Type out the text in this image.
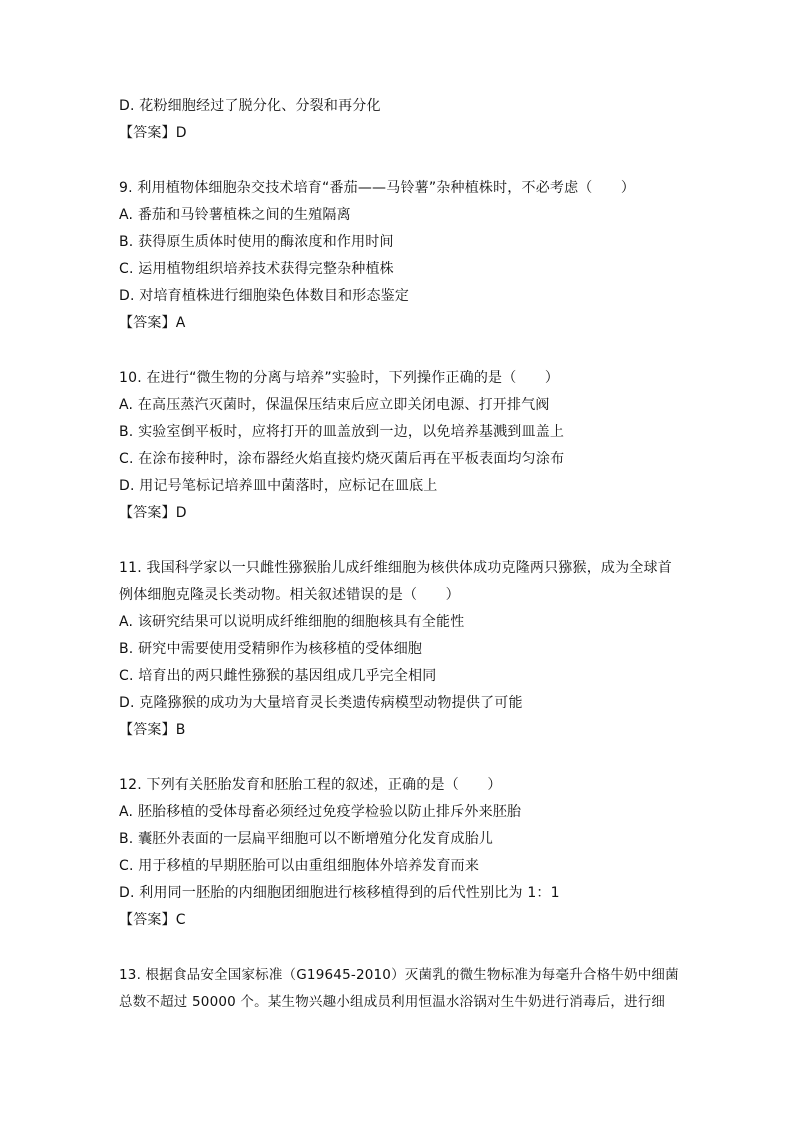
D. 花粉细胞经过了脱分化、分裂和再分化
【答案】D
9. 利用植物体细胞杂交技术培育“番茄——马铃薯”杂种植株时，不必考虑（　　）
A. 番茄和马铃薯植株之间的生殖隔离
B. 获得原生质体时使用的酶浓度和作用时间
C. 运用植物组织培养技术获得完整杂种植株
D. 对培育植株进行细胞染色体数目和形态鉴定
【答案】A
10. 在进行“微生物的分离与培养”实验时，下列操作正确的是（　　）
A. 在高压蒸汽灭菌时，保温保压结束后应立即关闭电源、打开排气阀
B. 实验室倒平板时，应将打开的皿盖放到一边，以免培养基溅到皿盖上
C. 在涂布接种时，涂布器经火焰直接灼烧灭菌后再在平板表面均匀涂布
D. 用记号笔标记培养皿中菌落时，应标记在皿底上
【答案】D
11. 我国科学家以一只雌性猕猴胎儿成纤维细胞为核供体成功克隆两只猕猴，成为全球首
例体细胞克隆灵长类动物。相关叙述错误的是（　　）
A. 该研究结果可以说明成纤维细胞的细胞核具有全能性
B. 研究中需要使用受精卵作为核移植的受体细胞
C. 培育出的两只雌性猕猴的基因组成几乎完全相同
D. 克隆猕猴的成功为大量培育灵长类遗传病模型动物提供了可能
【答案】B
12. 下列有关胚胎发育和胚胎工程的叙述，正确的是（　　）
A. 胚胎移植的受体母畜必须经过免疫学检验以防止排斥外来胚胎
B. 囊胚外表面的一层扁平细胞可以不断增殖分化发育成胎儿
C. 用于移植的早期胚胎可以由重组细胞体外培养发育而来
D. 利用同一胚胎的内细胞团细胞进行核移植得到的后代性别比为 1：1
【答案】C
13. 根据食品安全国家标准（G19645-2010）灭菌乳的微生物标准为每毫升合格牛奶中细菌
总数不超过 50000 个。某生物兴趣小组成员利用恒温水浴锅对生牛奶进行消毒后，进行细
